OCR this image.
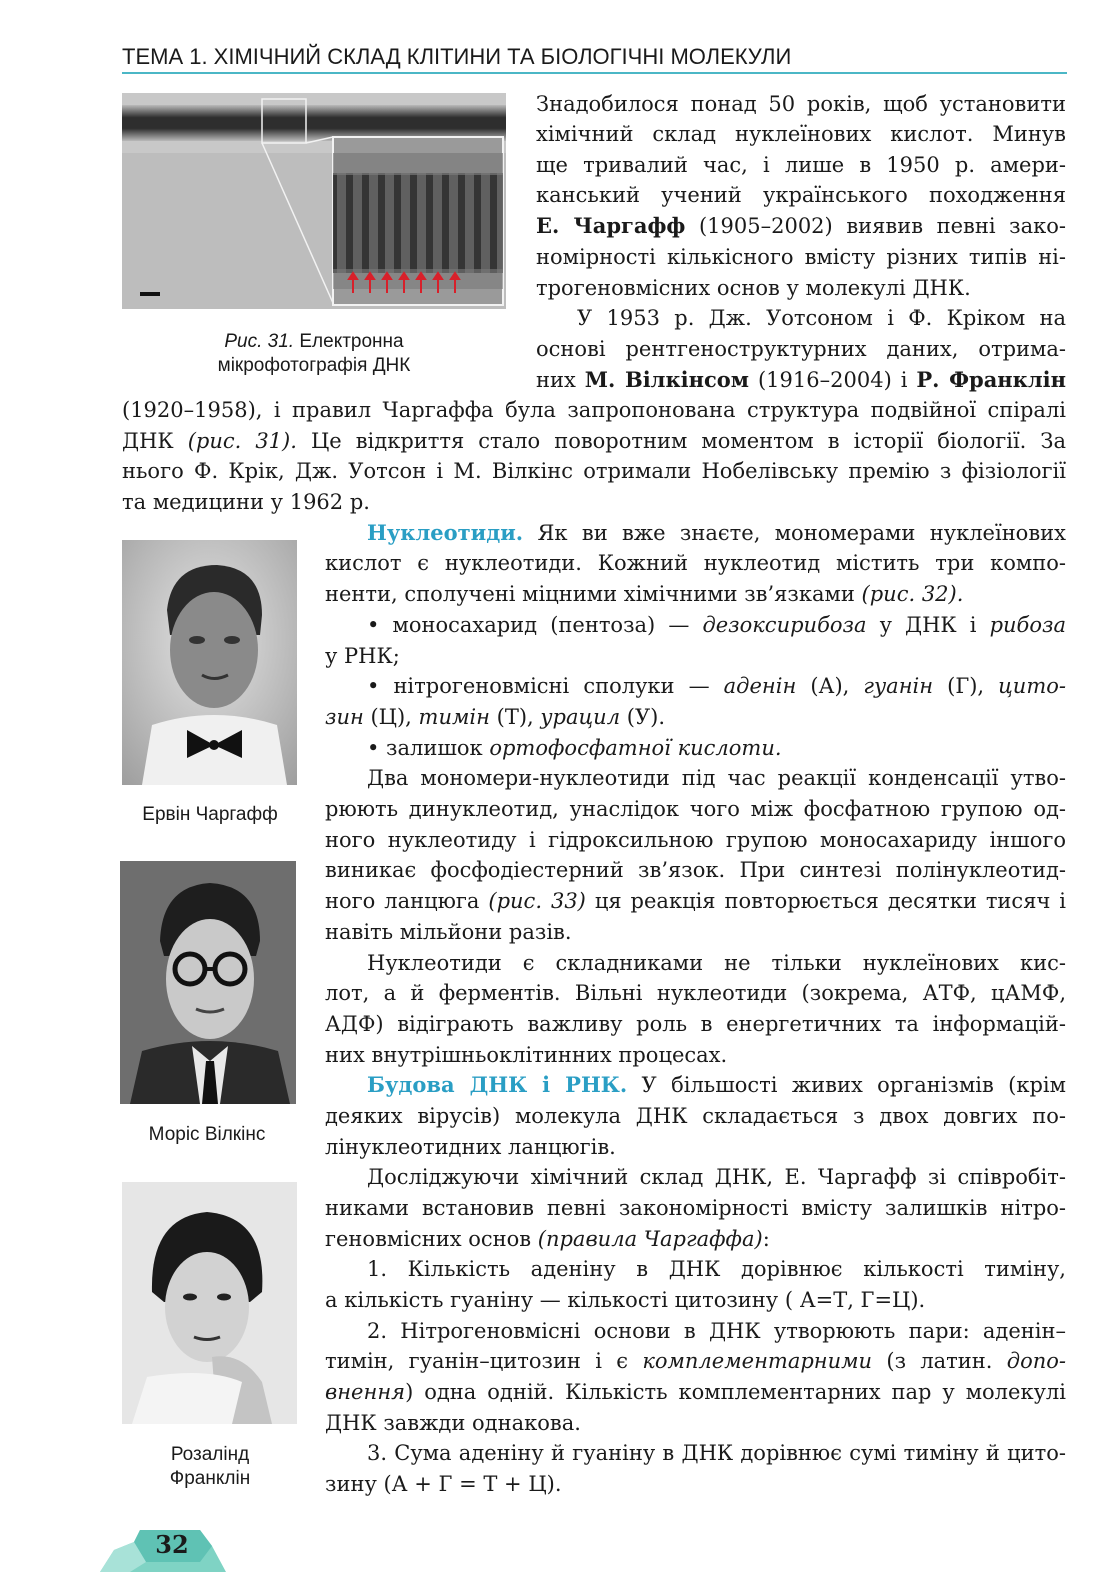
ТЕМА 1. ХІМІЧНИЙ СКЛАД КЛІТИНИ ТА БІОЛОГІЧНІ МОЛЕКУЛИ
Рис. 31. Електронна
мікрофотографія ДНК
Ервін Чаргафф
Моріс Вілкінс
Розалінд
Франклін
Знадобилося понад 50 років, щоб установити
хімічний склад нуклеїнових кислот. Минув
ще тривалий час, і лише в 1950 р. амери-
канський учений українського походження
Е. Чаргафф (1905–2002) виявив певні зако-
номірності кількісного вмісту різних типів ні-
трогеновмісних основ у молекулі ДНК.
У 1953 р. Дж. Уотсоном і Ф. Кріком на
основі рентгеноструктурних даних, отрима-
них М. Вілкінсом (1916–2004) і Р. Франклін
(1920–1958), і правил Чаргаффа була запропонована структура подвійної спіралі
ДНК (рис. 31). Це відкриття стало поворотним моментом в історії біології. За
нього Ф. Крік, Дж. Уотсон і М. Вілкінс отримали Нобелівську премію з фізіології
та медицини у 1962 р.
Нуклеотиди. Як ви вже знаєте, мономерами нуклеїнових
кислот є нуклеотиди. Кожний нуклеотид містить три компо-
ненти, сполучені міцними хімічними зв’язками (рис. 32).
• моносахарид (пентоза) — дезоксирибоза у ДНК і рибоза
у РНК;
• нітрогеновмісні сполуки — аденін (А), гуанін (Г), цито-
зин (Ц), тимін (Т), урацил (У).
• залишок ортофосфатної кислоти.
Два мономери-нуклеотиди під час реакції конденсації утво-
рюють динуклеотид, унаслідок чого між фосфатною групою од-
ного нуклеотиду і гідроксильною групою моносахариду іншого
виникає фосфодіестерний зв’язок. При синтезі полінуклеотид-
ного ланцюга (рис. 33) ця реакція повторюється десятки тисяч і
навіть мільйони разів.
Нуклеотиди є складниками не тільки нуклеїнових кис-
лот, а й ферментів. Вільні нуклеотиди (зокрема, АТФ, цАМФ,
АДФ) відіграють важливу роль в енергетичних та інформацій-
них внутрішньоклітинних процесах.
Будова ДНК і РНК. У більшості живих організмів (крім
деяких вірусів) молекула ДНК складається з двох довгих по-
лінуклеотидних ланцюгів.
Досліджуючи хімічний склад ДНК, Е. Чаргафф зі співробіт-
никами встановив певні закономірності вмісту залишків нітро-
геновмісних основ (правила Чаргаффа):
1. Кількість аденіну в ДНК дорівнює кількості тиміну,
а кількість гуаніну — кількості цитозину ( А=Т, Г=Ц).
2. Нітрогеновмісні основи в ДНК утворюють пари: аденін–
тимін, гуанін–цитозин і є комплементарними (з латин. допо-
внення) одна одній. Кількість комплементарних пар у молекулі
ДНК завжди однакова.
3. Сума аденіну й гуаніну в ДНК дорівнює сумі тиміну й цито-
зину (А + Г = Т + Ц).
32
